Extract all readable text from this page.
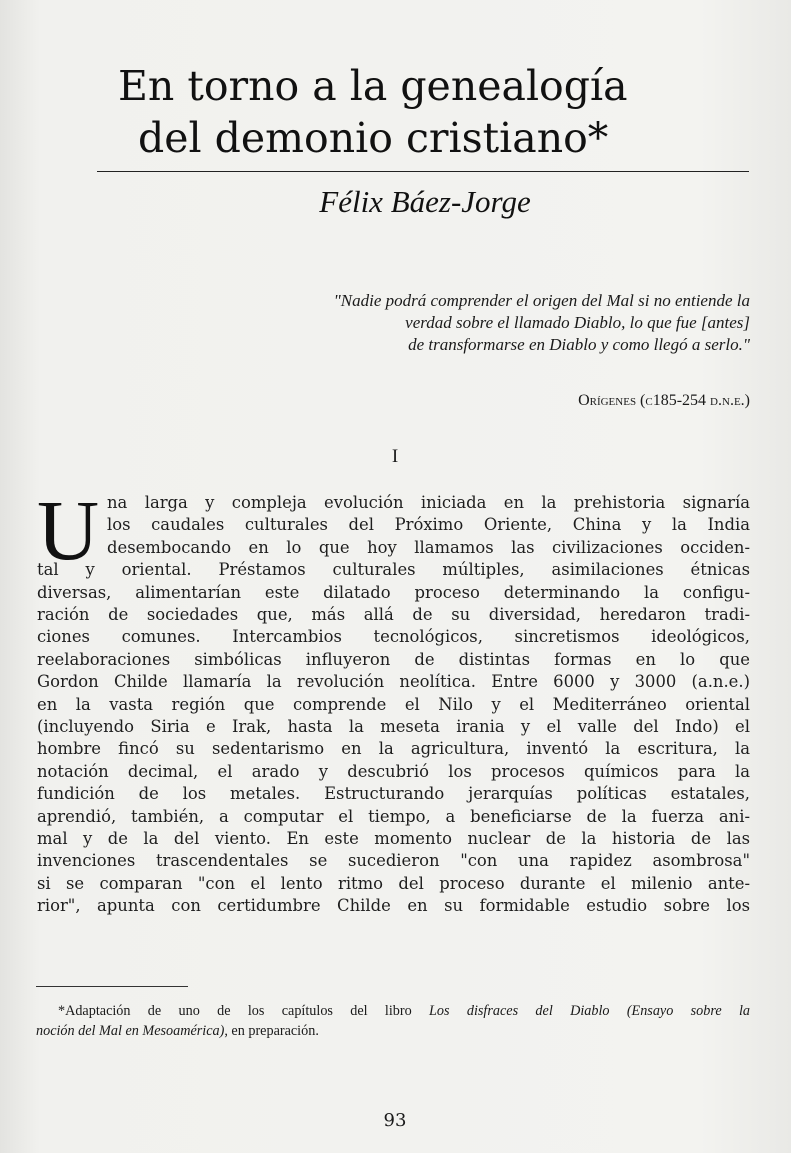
En torno a la genealogía
del demonio cristiano*
Félix Báez-Jorge
"Nadie podrá comprender el origen del Mal si no entiende la
verdad sobre el llamado Diablo, lo que fue [antes]
de transformarse en Diablo y como llegó a serlo."
Orígenes (c185-254 d.n.e.)
I
U na larga y compleja evolución iniciada en la prehistoria signaría
los caudales culturales del Próximo Oriente, China y la India
desembocando en lo que hoy llamamos las civilizaciones occiden-
tal y oriental. Préstamos culturales múltiples, asimilaciones étnicas
diversas, alimentarían este dilatado proceso determinando la configu-
ración de sociedades que, más allá de su diversidad, heredaron tradi-
ciones comunes. Intercambios tecnológicos, sincretismos ideológicos,
reelaboraciones simbólicas influyeron de distintas formas en lo que
Gordon Childe llamaría la revolución neolítica. Entre 6000 y 3000 (a.n.e.)
en la vasta región que comprende el Nilo y el Mediterráneo oriental
(incluyendo Siria e Irak, hasta la meseta irania y el valle del Indo) el
hombre fincó su sedentarismo en la agricultura, inventó la escritura, la
notación decimal, el arado y descubrió los procesos químicos para la
fundición de los metales. Estructurando jerarquías políticas estatales,
aprendió, también, a computar el tiempo, a beneficiarse de la fuerza ani-
mal y de la del viento. En este momento nuclear de la historia de las
invenciones trascendentales se sucedieron "con una rapidez asombrosa"
si se comparan "con el lento ritmo del proceso durante el milenio ante-
rior", apunta con certidumbre Childe en su formidable estudio sobre los
*Adaptación de uno de los capítulos del libro Los disfraces del Diablo (Ensayo sobre la
noción del Mal en Mesoamérica), en preparación.
93
